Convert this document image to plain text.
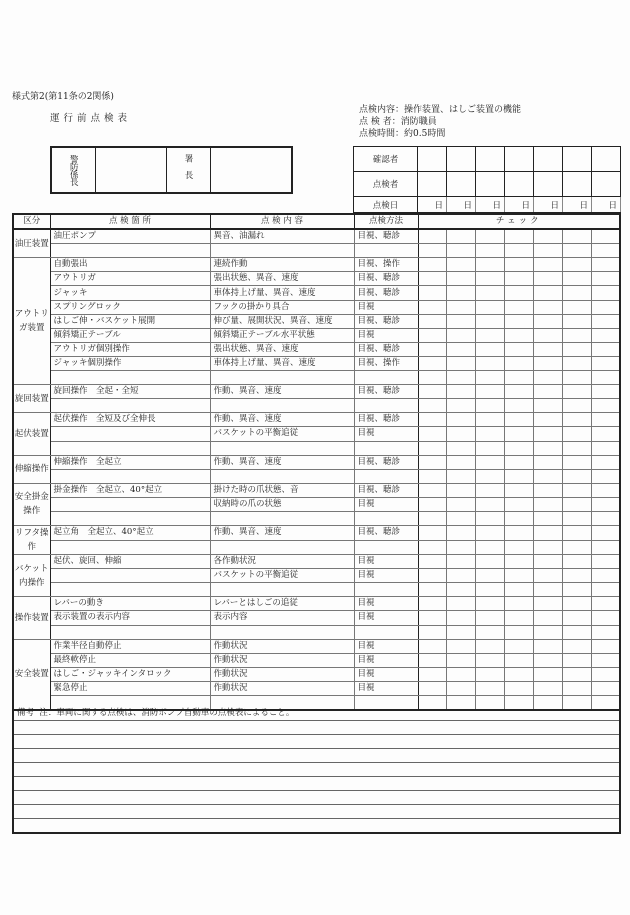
様式第2(第11条の2関係)
運行前点検表
点検内容：操作装置、はしご装置の機能
点 検 者：消防職員
点検時間：約0.5時間
警防係長		署長
		確認者							
点検者							
点検日	日	日	日	日	日	日	日
区分	点 検 箇 所	点 検 内 容	点検方法	チェック						
油圧装置	油圧ポンプ	異音、油漏れ	目視、聴診							

アウトリガ装置	自動張出	連続作動	目視、操作							
	アウトリガ	張出状態、異音、速度	目視、聴診							
	ジャッキ	車体持上げ量、異音、速度	目視、聴診							
	スプリングロック	フックの掛かり具合	目視							
	はしご伸・バスケット展開	伸び量、展開状況、異音、速度	目視、聴診							
	傾斜矯正テーブル	傾斜矯正テーブル水平状態	目視							
	アウトリガ個別操作	張出状態、異音、速度	目視、聴診							
	ジャッキ個別操作	車体持上げ量、異音、速度	目視、操作							

旋回装置	旋回操作　全起・全短	作動、異音、速度	目視、聴診							

起伏装置	起伏操作　全短及び全伸長	作動、異音、速度	目視、聴診							
		バスケットの平衡追従	目視							

伸縮操作	伸縮操作　全起立	作動、異音、速度	目視、聴診							

安全掛金操作	掛金操作　全起立、40°起立	掛けた時の爪状態、音	目視、聴診							
		収納時の爪の状態	目視							

リフタ操作	起立角　全起立、40°起立	作動、異音、速度	目視、聴診							

バケット内操作	起伏、旋回、伸縮	各作動状況	目視							
		バスケットの平衡追従	目視							

操作装置	レバーの動き	レバーとはしごの追従	目視							
	表示装置の表示内容	表示内容	目視							

安全装置	作業半径自動停止	作動状況	目視							
	最終軟停止	作動状況	目視							
	はしご・ジャッキインタロック	作動状況	目視							
	緊急停止	作動状況	目視							

備考 注：車両に関する点検は、消防ポンプ自動車の点検表によること。
